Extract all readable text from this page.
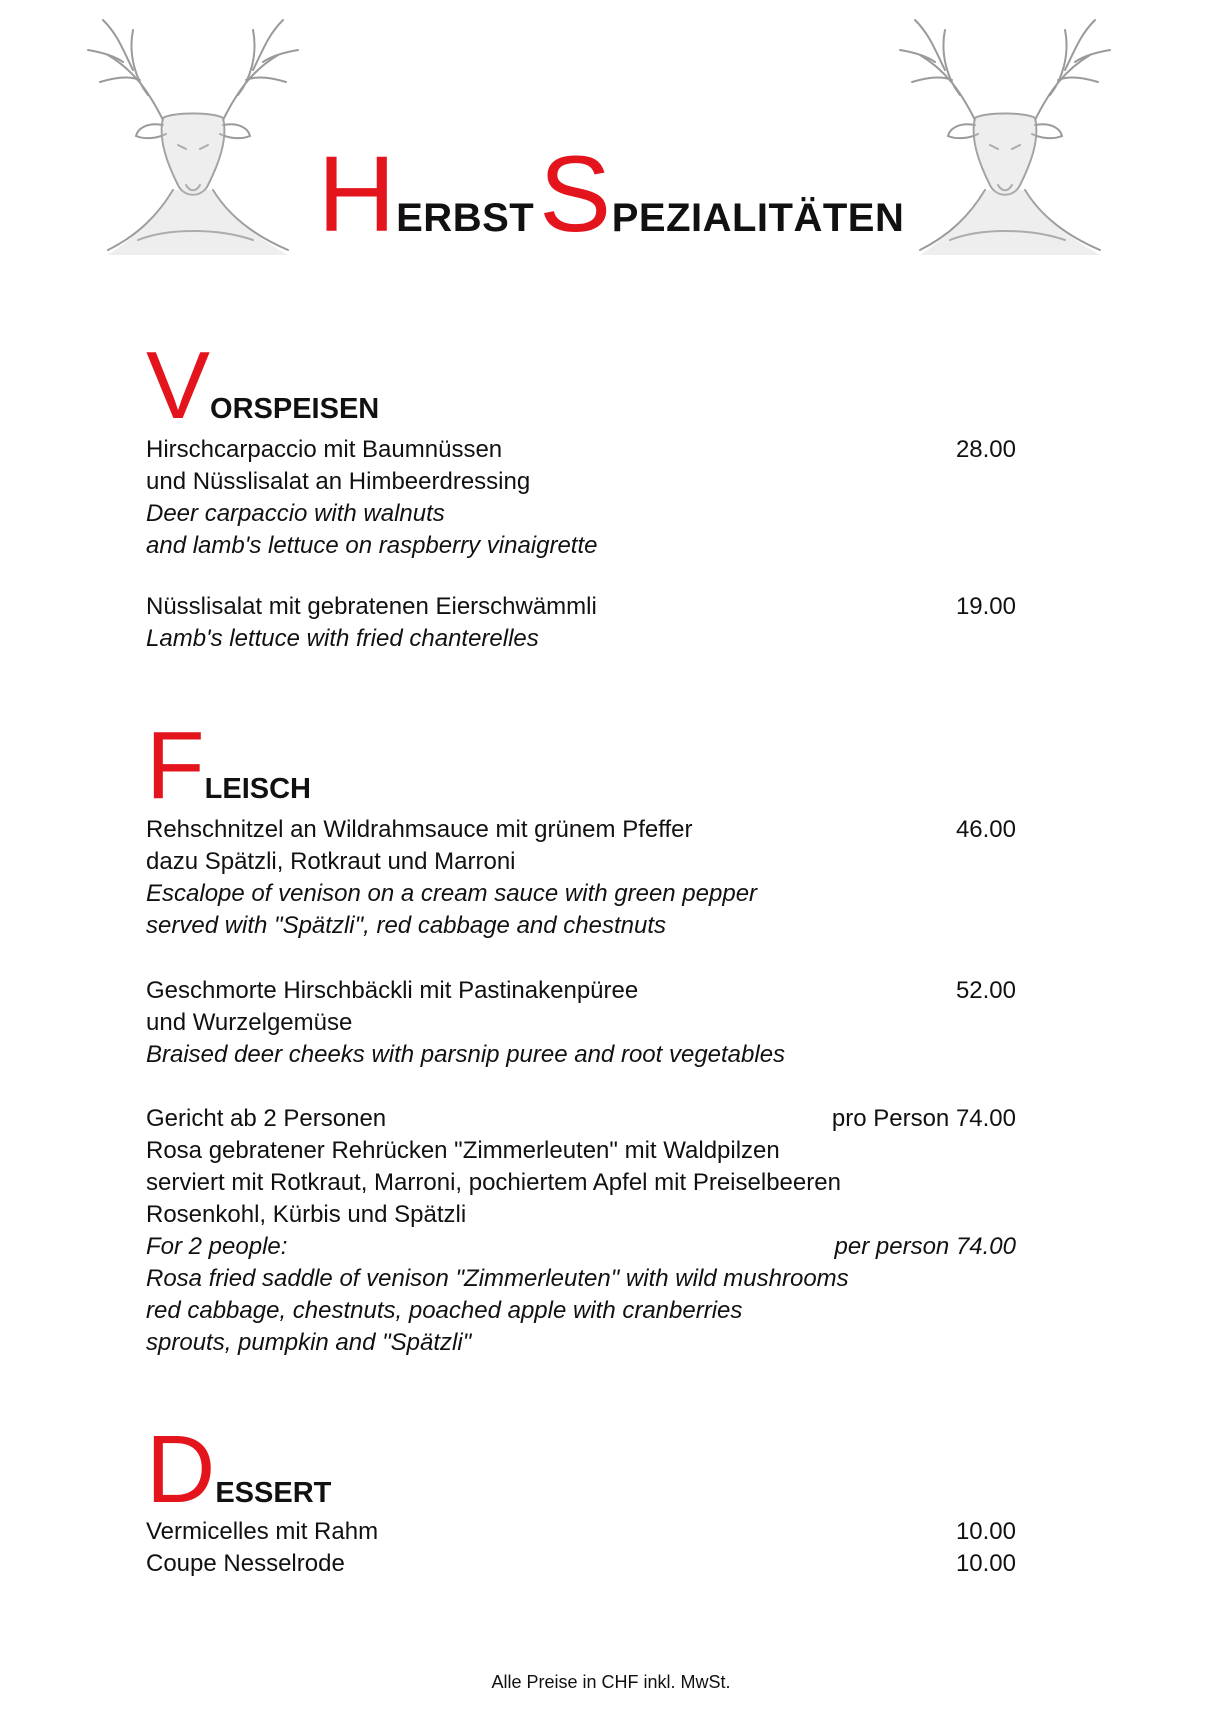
HERBST SPEZIALITÄTEN
VORSPEISEN
Hirschcarpaccio mit Baumnüssen	28.00
und Nüsslisalat an Himbeerdressing
Deer carpaccio with walnuts
and lamb's lettuce on raspberry vinaigrette
Nüsslisalat mit gebratenen Eierschwämmli	19.00
Lamb's lettuce with fried chanterelles
FLEISCH
Rehschnitzel an Wildrahmsauce mit grünem Pfeffer	46.00
dazu Spätzli, Rotkraut und Marroni
Escalope of venison on a cream sauce with green pepper
served with "Spätzli", red cabbage and chestnuts
Geschmorte Hirschbäckli mit Pastinakenpüree	52.00
und Wurzelgemüse
Braised deer cheeks with parsnip puree and root vegetables
Gericht ab 2 Personen	pro Person 74.00
Rosa gebratener Rehrücken "Zimmerleuten" mit Waldpilzen
serviert mit Rotkraut, Marroni, pochiertem Apfel mit Preiselbeeren
Rosenkohl, Kürbis und Spätzli
For 2 people:	per person 74.00
Rosa fried saddle of venison "Zimmerleuten" with wild mushrooms
red cabbage, chestnuts, poached apple with cranberries
sprouts, pumpkin and "Spätzli"
DESSERT
Vermicelles mit Rahm	10.00
Coupe Nesselrode	10.00
Alle Preise in CHF inkl. MwSt.
